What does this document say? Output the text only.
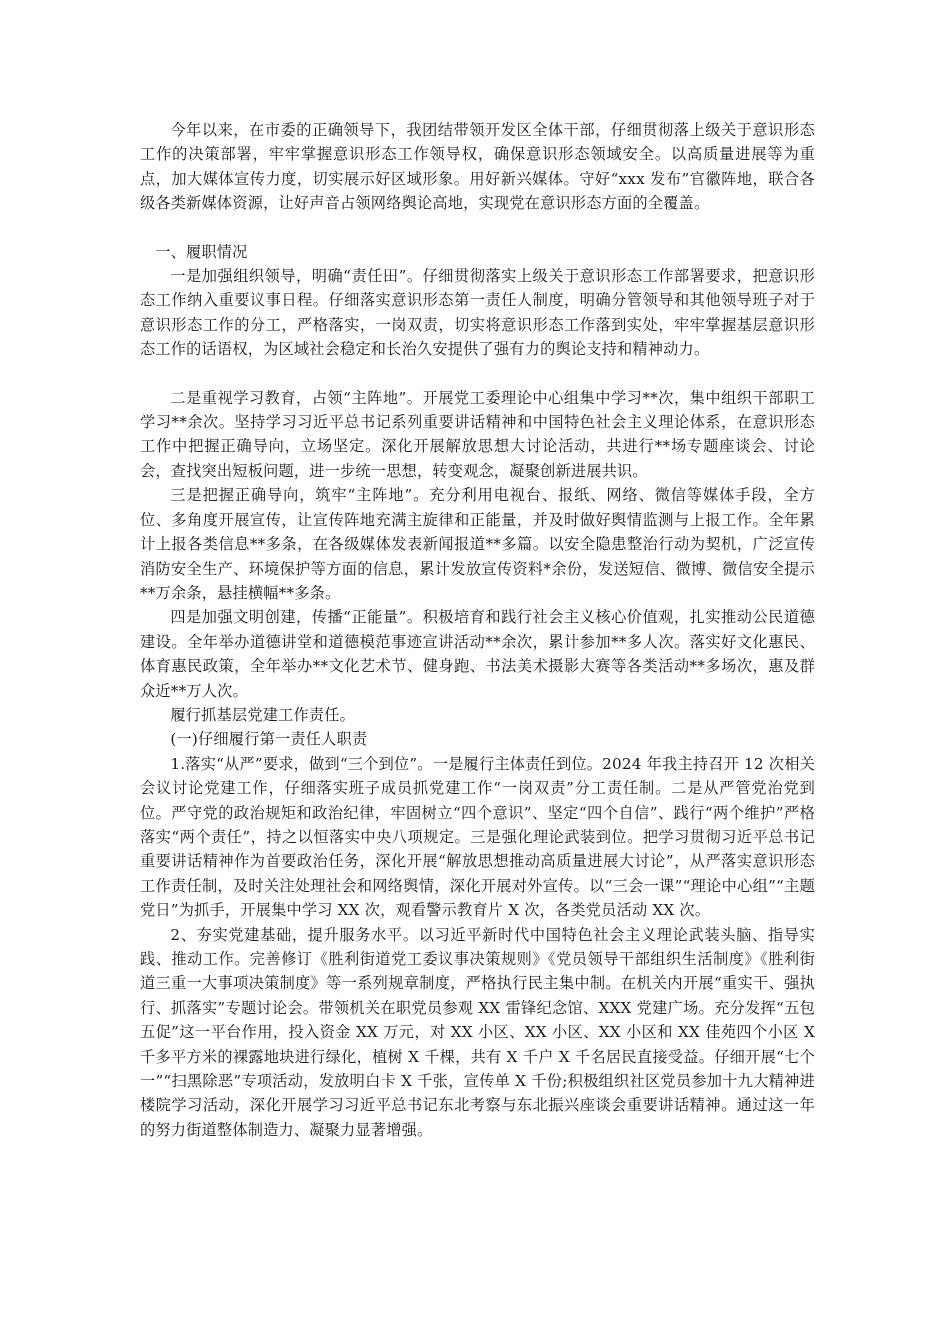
今年以来，在市委的正确领导下，我团结带领开发区全体干部，仔细贯彻落上级关于意识形态工作的决策部署，牢牢掌握意识形态工作领导权，确保意识形态领域安全。以高质量进展等为重点，加大媒体宣传力度，切实展示好区域形象。用好新兴媒体。守好“xxx 发布”官徽阵地，联合各级各类新媒体资源，让好声音占领网络舆论高地，实现党在意识形态方面的全覆盖。

一、履职情况

一是加强组织领导，明确“责任田”。仔细贯彻落实上级关于意识形态工作部署要求，把意识形态工作纳入重要议事日程。仔细落实意识形态第一责任人制度，明确分管领导和其他领导班子对于意识形态工作的分工，严格落实，一岗双责，切实将意识形态工作落到实处，牢牢掌握基层意识形态工作的话语权，为区域社会稳定和长治久安提供了强有力的舆论支持和精神动力。

二是重视学习教育，占领“主阵地”。开展党工委理论中心组集中学习**次，集中组织干部职工学习**余次。坚持学习习近平总书记系列重要讲话精神和中国特色社会主义理论体系，在意识形态工作中把握正确导向，立场坚定。深化开展解放思想大讨论活动，共进行**场专题座谈会、讨论会，查找突出短板问题，进一步统一思想，转变观念，凝聚创新进展共识。

三是把握正确导向，筑牢“主阵地”。充分利用电视台、报纸、网络、微信等媒体手段，全方位、多角度开展宣传，让宣传阵地充满主旋律和正能量，并及时做好舆情监测与上报工作。全年累计上报各类信息**多条，在各级媒体发表新闻报道**多篇。以安全隐患整治行动为契机，广泛宣传消防安全生产、环境保护等方面的信息，累计发放宣传资料*余份，发送短信、微博、微信安全提示**万余条，悬挂横幅**多条。

四是加强文明创建，传播“正能量”。积极培育和践行社会主义核心价值观，扎实推动公民道德建设。全年举办道德讲堂和道德模范事迹宣讲活动**余次，累计参加**多人次。落实好文化惠民、体育惠民政策，全年举办**文化艺术节、健身跑、书法美术摄影大赛等各类活动**多场次，惠及群众近**万人次。

履行抓基层党建工作责任。

(一)仔细履行第一责任人职责

1.落实“从严”要求，做到“三个到位”。一是履行主体责任到位。2024 年我主持召开 12 次相关会议讨论党建工作，仔细落实班子成员抓党建工作“一岗双责”分工责任制。二是从严管党治党到位。严守党的政治规矩和政治纪律，牢固树立“四个意识”、坚定“四个自信”、践行“两个维护”严格落实“两个责任”，持之以恒落实中央八项规定。三是强化理论武装到位。把学习贯彻习近平总书记重要讲话精神作为首要政治任务，深化开展“解放思想推动高质量进展大讨论”，从严落实意识形态工作责任制，及时关注处理社会和网络舆情，深化开展对外宣传。以“三会一课”“理论中心组”“主题党日”为抓手，开展集中学习 XX 次，观看警示教育片 X 次，各类党员活动 XX 次。

2、夯实党建基础，提升服务水平。以习近平新时代中国特色社会主义理论武装头脑、指导实践、推动工作。完善修订《胜利街道党工委议事决策规则》《党员领导干部组织生活制度》《胜利街道三重一大事项决策制度》等一系列规章制度，严格执行民主集中制。在机关内开展“重实干、强执行、抓落实”专题讨论会。带领机关在职党员参观 XX 雷锋纪念馆、XXX 党建广场。充分发挥“五包五促”这一平台作用，投入资金 XX 万元，对 XX 小区、XX 小区、XX 小区和 XX 佳苑四个小区 X 千多平方米的裸露地块进行绿化，植树 X 千棵，共有 X 千户 X 千名居民直接受益。仔细开展“七个一”“扫黑除恶”专项活动，发放明白卡 X 千张，宣传单 X 千份;积极组织社区党员参加十九大精神进楼院学习活动，深化开展学习习近平总书记东北考察与东北振兴座谈会重要讲话精神。通过这一年的努力街道整体制造力、凝聚力显著增强。
